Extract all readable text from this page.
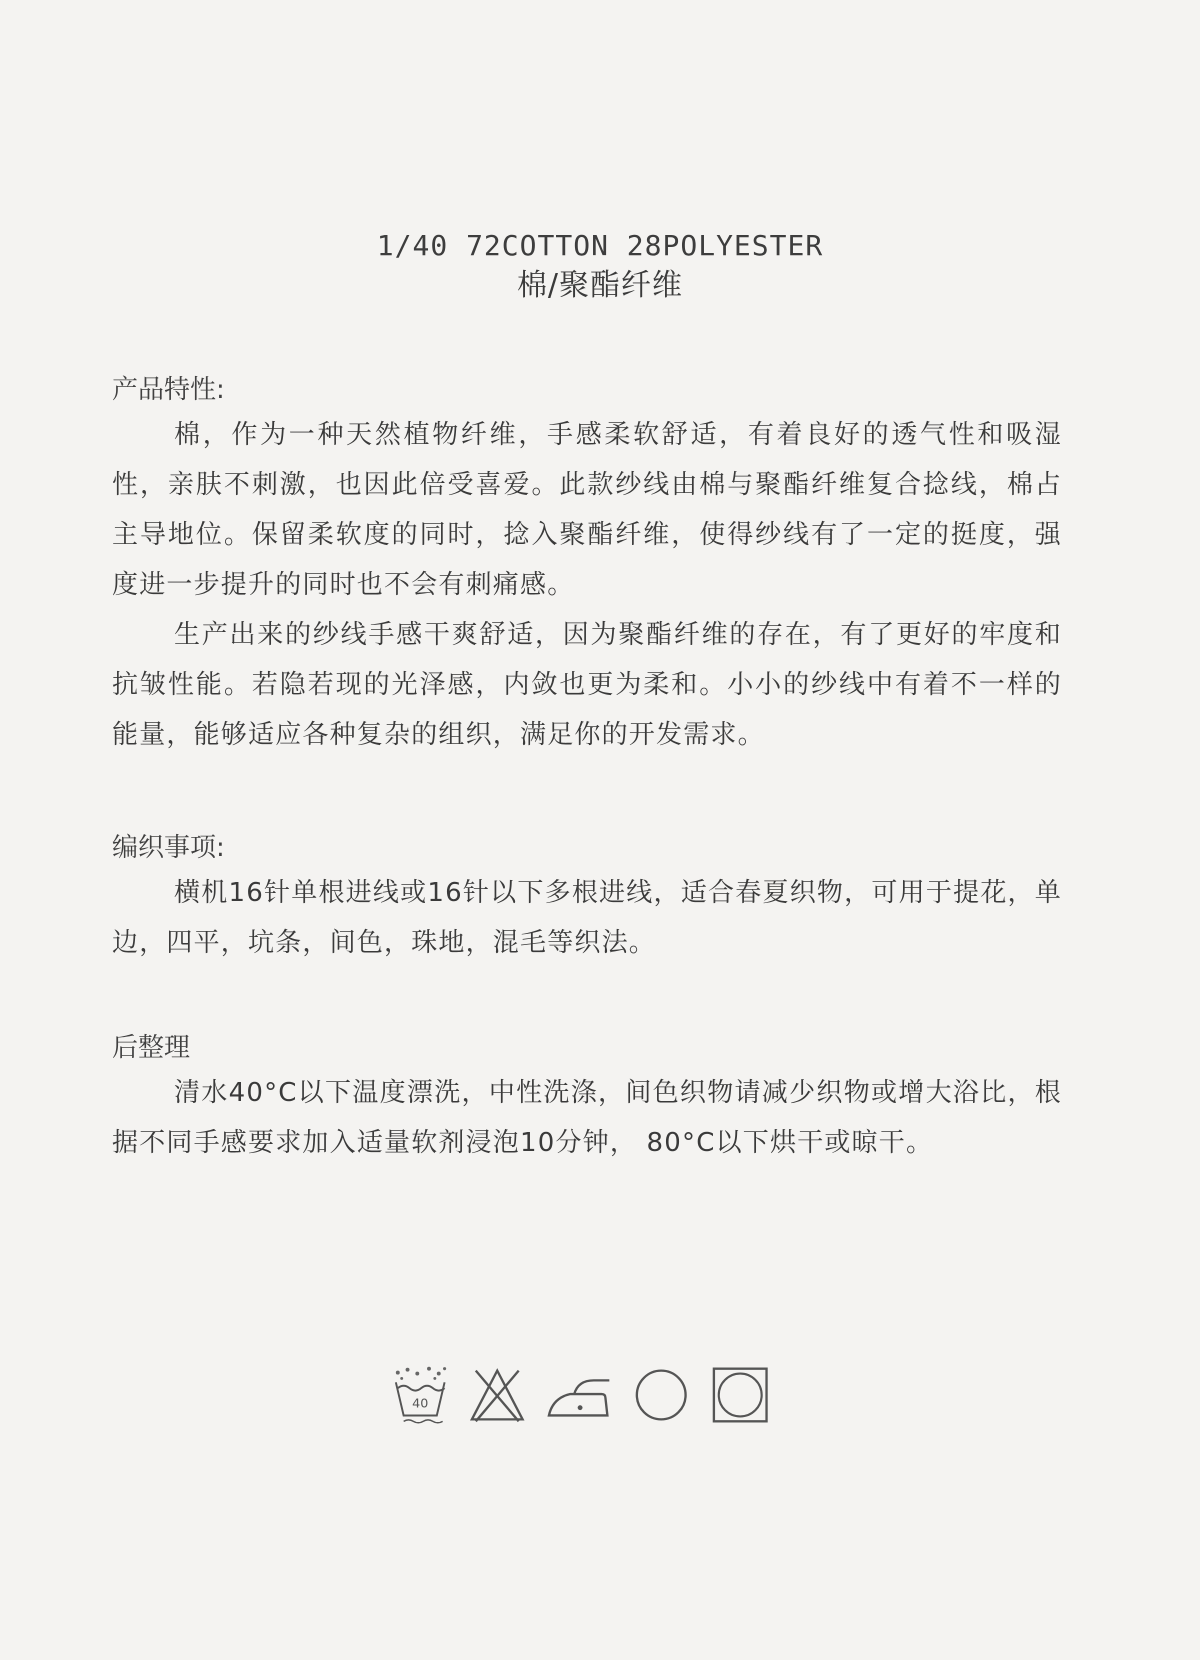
1/40 72COTTON 28POLYESTER
棉/聚酯纤维
产品特性:
棉，作为一种天然植物纤维，手感柔软舒适，有着良好的透气性和吸湿性，亲肤不刺激，也因此倍受喜爱。此款纱线由棉与聚酯纤维复合捻线，棉占主导地位。保留柔软度的同时，捻入聚酯纤维，使得纱线有了一定的挺度，强度进一步提升的同时也不会有刺痛感。
生产出来的纱线手感干爽舒适，因为聚酯纤维的存在，有了更好的牢度和抗皱性能。若隐若现的光泽感，内敛也更为柔和。小小的纱线中有着不一样的能量，能够适应各种复杂的组织，满足你的开发需求。
编织事项:
横机16针单根进线或16针以下多根进线，适合春夏织物，可用于提花，单边，四平，坑条，间色，珠地，混毛等织法。
后整理
清水40°C以下温度漂洗，中性洗涤，间色织物请减少织物或增大浴比，根据不同手感要求加入适量软剂浸泡10分钟， 80°C以下烘干或晾干。
40
